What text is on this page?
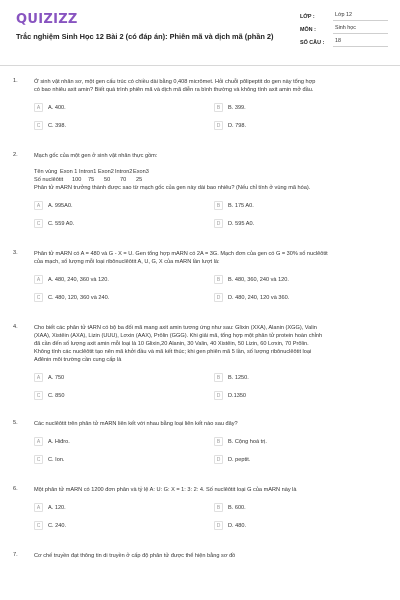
QUIZIZZ
Trắc nghiệm Sinh Học 12 Bài 2 (có đáp án): Phiên mã và dịch mã (phần 2)
LỚP :	Lớp 12
MÔN :	Sinh học
SỐ CÂU :	18
1.	Ở sinh vật nhân sơ, một gen cấu trúc có chiều dài bằng 0,408 micrômet. Hỏi chuỗi pôlipeptit do gen này tổng hợp

có bao nhiêu axit amin? Biết quá trình phiên mã và dịch mã diễn ra bình thường và không tính axit amin mở đầu.

A	A. 400.	B	B. 399.
C	C. 398.	D	D. 798.
2.	Mạch gốc của một gen ở sinh vật nhân thực gồm:

Tên vùng Exon 1 Intron1 Exon2 Intron2 Exon3
Số nuclêôtit	100	75	50	70	25

Phân tử mARN trưởng thành được sao từ mạch gốc của gen này dài bao nhiêu? (Nếu chỉ tính ở vùng mã hóa).

A	A. 995A0.	B	B. 175 A0.
C	C. 559 A0.	D	D. 595 A0.
3.	Phân tử mARN có A = 480 và G - X = U. Gen tổng hợp mARN có 2A = 3G. Mạch đơn của gen có G = 30% số nuclêôtit

của mạch, số lượng mỗi loại ribônuclêôtit A, U, G, X của mARN lần lượt là:

A	A. 480, 240, 360 và 120.	B	B. 480, 360, 240 và 120.
C	C. 480, 120, 360 và 240.	D	D. 480, 240, 120 và 360.
4.	Cho biết các phân tử tARN có bộ ba đối mã mang axit amin tương ứng như sau: Glixin (XXA), Alanin (XGG), Valin

(XAA), Xistêin (AXA), Lizin (UUU), Lơxin (AAX), Prôlin (GGG). Khi giải mã, tổng hợp một phân tử protein hoàn chỉnh

đã cần đến số lượng axit amin mỗi loại là 10 Glixin,20 Alanin, 30 Valin, 40 Xistêin, 50 Lizin, 60 Lơxin, 70 Prôlin.

Không tính các nuclêôtit tạo nên mã khởi đầu và mã kết thúc; khi gen phiên mã 5 lần, số lượng ribônuclêôtit loại

Ađênin môi trường cần cung cấp là

A	A. 750	B	B. 1250.
C	C. 850	D	D.1350
5.	Các nuclêôtit trên phân tử mARN liên kết với nhau bằng loại liên kết nào sau đây?

A	A. Hiđro.	B	B. Cộng hoá trị.
C	C. Ion.	D	D. peptit.
6.	Một phân tử mARN có 1200 đơn phân và tỷ lệ A: U: G: X = 1: 3: 2: 4. Số nuclêôtit loại G của mARN này là

A	A. 120.	B	B. 600.
C	C. 240.	D	D. 480.
7.	Cơ chế truyền đạt thông tin di truyền ở cấp độ phân tử được thể hiện bằng sơ đồ
